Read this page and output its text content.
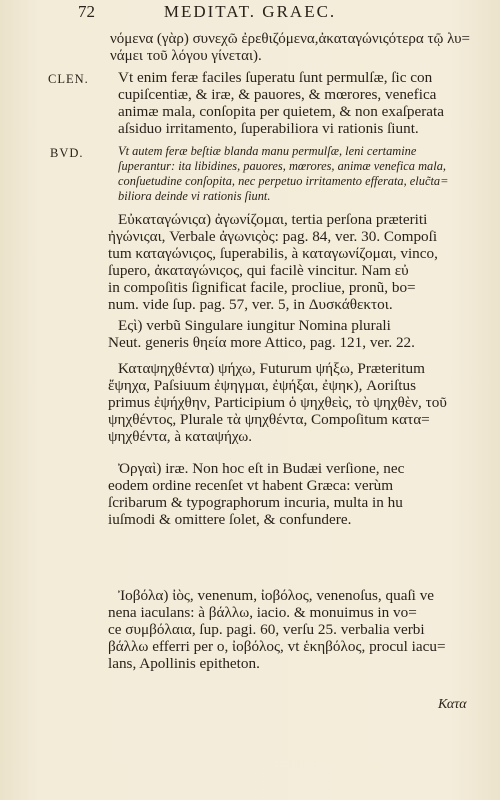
72	MEDITAT. GRAEC.
νόμενα (γὰρ) συνεχῶ ἐρεθιζόμενα,ἀκαταγώνιςότερα τῷ λυ=
νάμει τοῦ λόγου γίνεται).
CLEN. Vt enim feræ faciles ſuperatu ſunt permulſæ, ſic con
cupiſcentiæ, & iræ, & pauores, & mœrores, venefica
animæ mala, conſopita per quietem, & non exaſperata
aſsiduo irritamento, ſuperabiliora vi rationis ſiunt.
BVD.	Vt autem feræ beſtiæ blanda manu permulſæ, leni certamine
ſuperantur: ita libidines, pauores, mœrores, animæ venefica mala,
conſuetudine conſopita, nec perpetuo irritamento efferata, eluc̃ta=
biliora deinde vi rationis ſiunt.
Εὐκαταγώνιςα) ἀγωνίζομαι, tertia perſona prӕteriti
ἠγώνιςαι, Verbale ἀγωνιςὸς: pag. 84, ver. 30. Compoſi
tum καταγώνιςος, ſuperabilis, à καταγωνίζομαι, vinco,
ſupero, ἀκαταγώνιςος, qui facilè vincitur. Nam εὐ
in compoſitis ſignificat facile, procliue, pronũ, bo=
num. vide ſup. pag. 57, ver. 5, in Δυσκάθεκτοι.
Εςὶ) verbũ Singulare iungitur Nomina plurali
Neut. generis θηεία more Attico, pag. 121, ver. 22.
Καταψηχθέντα) ψήχω, Futurum ψήξω, Præteritum
ἔψηχα, Paſsiuum ἐψηγμαι, ἐψήξαι, ἐψηκ), Aoriſtus
primus ἐψήχθην, Participium ὁ ψηχθεὶς, τὸ ψηχθὲν, τοῦ
ψηχθέντος, Plurale τὰ ψηχθέντα, Compoſitum κατα=
ψηχθέντα, à καταψήχω.
Ὀργαὶ) iræ. Non hoc eſt in Budæi verſione, nec
eodem ordine recenſet vt habent Græca: verùm
ſcribarum & typographorum incuria, multa in hu
iuſmodi & omittere ſolet, & confundere.
Ἰοβόλα) ἰὸς, venenum, ἰοβόλος, venenoſus, quaſi ve
nena iaculans: à βάλλω, iacio. & monuimus in vo=
ce συμβόλαια, ſup. pagi. 60, verſu 25. verbalia verbi
βάλλω efferri per ο, ἰοβόλος, vt ἑκηβόλος, procul iacu=
lans, Apollinis epitheton.
Κατα
